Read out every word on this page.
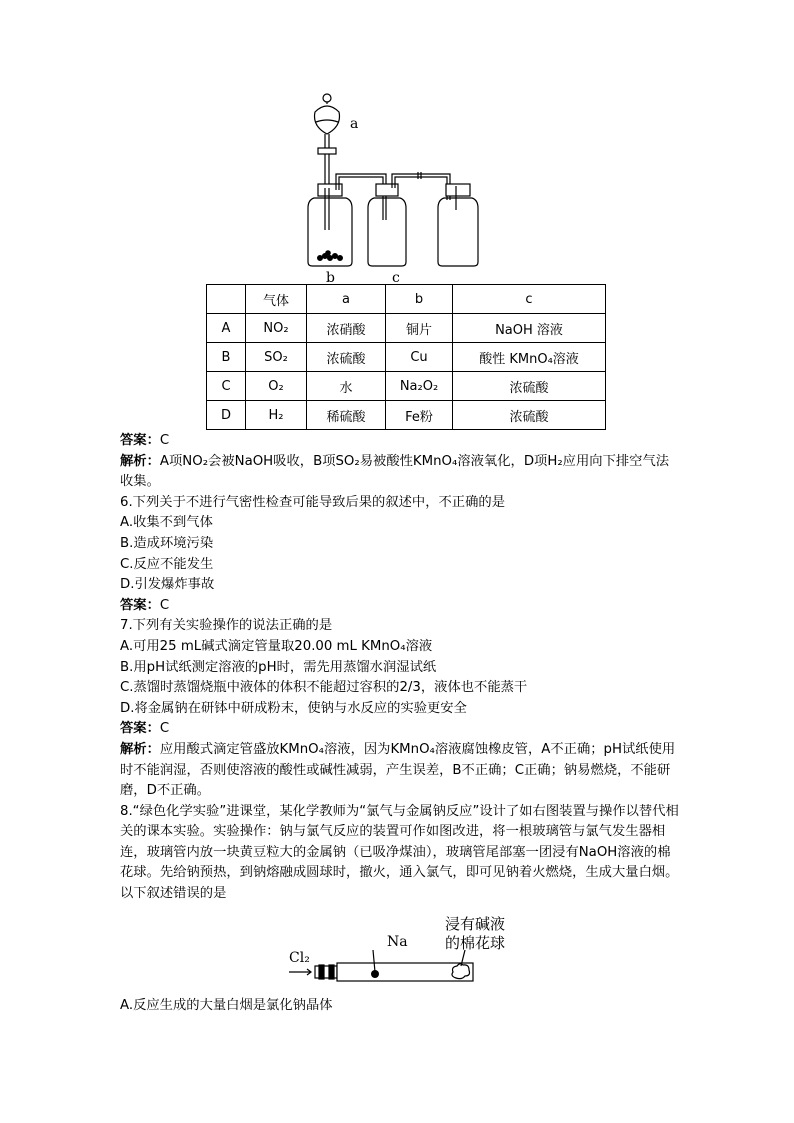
a
b	c
	气体	a	b	c
A	NO₂	浓硝酸	铜片	NaOH 溶液
B	SO₂	浓硫酸	Cu	酸性 KMnO₄溶液
C	O₂	水	Na₂O₂	浓硫酸
D	H₂	稀硫酸	Fe粉	浓硫酸

答案：C

解析：A项NO₂会被NaOH吸收，B项SO₂易被酸性KMnO₄溶液氧化，D项H₂应用向下排空气法收集。

6.下列关于不进行气密性检查可能导致后果的叙述中，不正确的是

A.收集不到气体

B.造成环境污染

C.反应不能发生

D.引发爆炸事故

答案：C

7.下列有关实验操作的说法正确的是

A.可用25 mL碱式滴定管量取20.00 mL KMnO₄溶液

B.用pH试纸测定溶液的pH时，需先用蒸馏水润湿试纸

C.蒸馏时蒸馏烧瓶中液体的体积不能超过容积的2/3，液体也不能蒸干

D.将金属钠在研钵中研成粉末，使钠与水反应的实验更安全

答案：C

解析：应用酸式滴定管盛放KMnO₄溶液，因为KMnO₄溶液腐蚀橡皮管，A不正确；pH试纸使用时不能润湿，否则使溶液的酸性或碱性减弱，产生误差，B不正确；C正确；钠易燃烧，不能研磨，D不正确。

8.“绿色化学实验”进课堂，某化学教师为“氯气与金属钠反应”设计了如右图装置与操作以替代相关的课本实验。实验操作：钠与氯气反应的装置可作如图改进，将一根玻璃管与氯气发生器相连，玻璃管内放一块黄豆粒大的金属钠（已吸净煤油），玻璃管尾部塞一团浸有NaOH溶液的棉花球。先给钠预热，到钠熔融成圆球时，撤火，通入氯气，即可见钠着火燃烧，生成大量白烟。以下叙述错误的是

Cl₂
Na
浸有碱液
的棉花球
A.反应生成的大量白烟是氯化钠晶体
